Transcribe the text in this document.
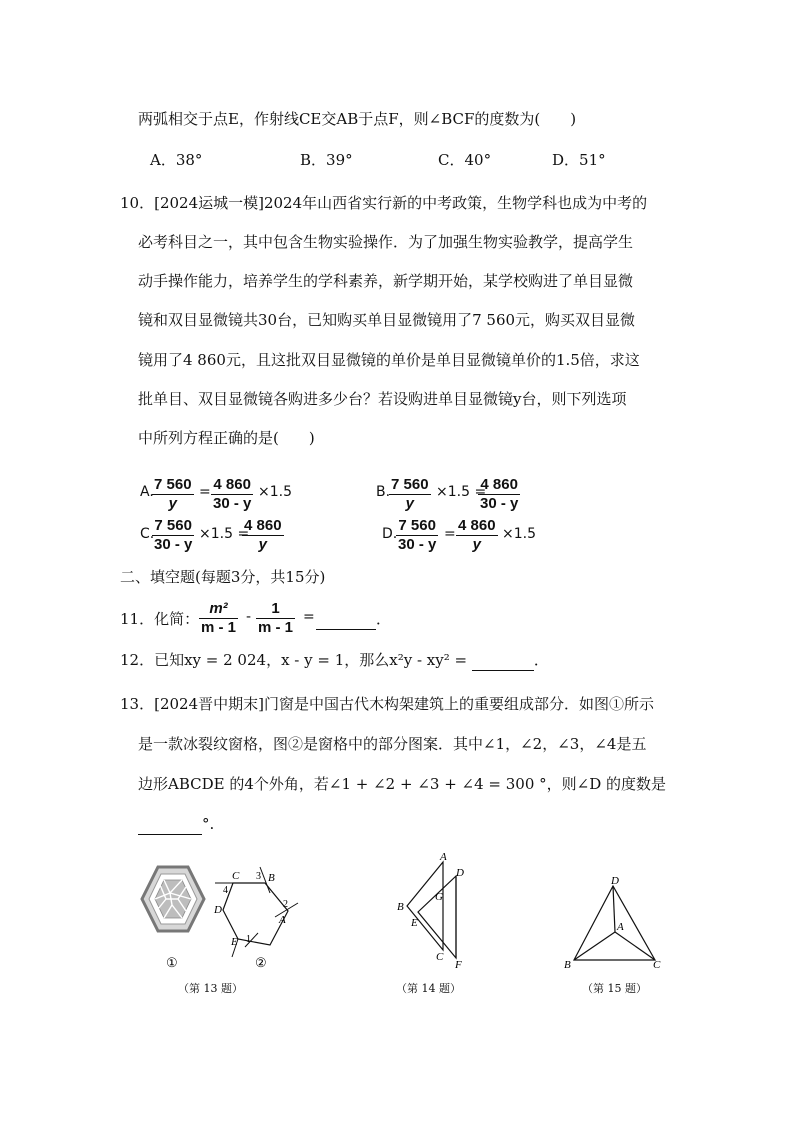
两弧相交于点E，作射线CE交AB于点F，则∠BCF的度数为(　　)
A．38°	B．39°	C．40°	D．51°
10．[2024运城一模]2024年山西省实行新的中考政策，生物学科也成为中考的
必考科目之一，其中包含生物实验操作．为了加强生物实验教学，提高学生
动手操作能力，培养学生的学科素养，新学期开始，某学校购进了单目显微
镜和双目显微镜共30台，已知购买单目显微镜用了7 560元，购买双目显微
镜用了4 860元，且这批双目显微镜的单价是单目显微镜单价的1.5倍，求这
批单目、双目显微镜各购进多少台？若设购进单目显微镜y台，则下列选项
中所列方程正确的是(　　)
A.
$\frac{7 560}{y} = \frac{4 860}{30 - y} \times 1.5$	B.
$\frac{7 560}{y} \times 1.5$ =
$\frac{4 860}{30 - y}$
C.
$\frac{7 560}{30 - y} \times 1.5$ =
$\frac{4 860}{y}$	D.
$\frac{7 560}{30 - y} = \frac{4 860}{y} \times 1.5$
二、填空题(每题3分，共15分)
11．化简： $\frac{\text{m²}}{m - 1} - \frac{1}{m - 1}$ =	．
12．已知xy = 2 024，x - y = 1，那么x²y - xy² =	．
13．[2024晋中期末]门窗是中国古代木构架建筑上的重要组成部分．如图①所示
是一款冰裂纹窗格，图②是窗格中的部分图案．其中∠1，∠2，∠3，∠4是五
边形ABCDE 的4个外角，若∠1 + ∠2 + ∠3 + ∠4 = 300 °，则∠D 的度数是
°.
①
C 3 B
4
D	2
A
E 1
②
（第 13 题）
A
D
G
B
E
C
F
（第 14 题）
D
A
B	C
（第 15 题）
